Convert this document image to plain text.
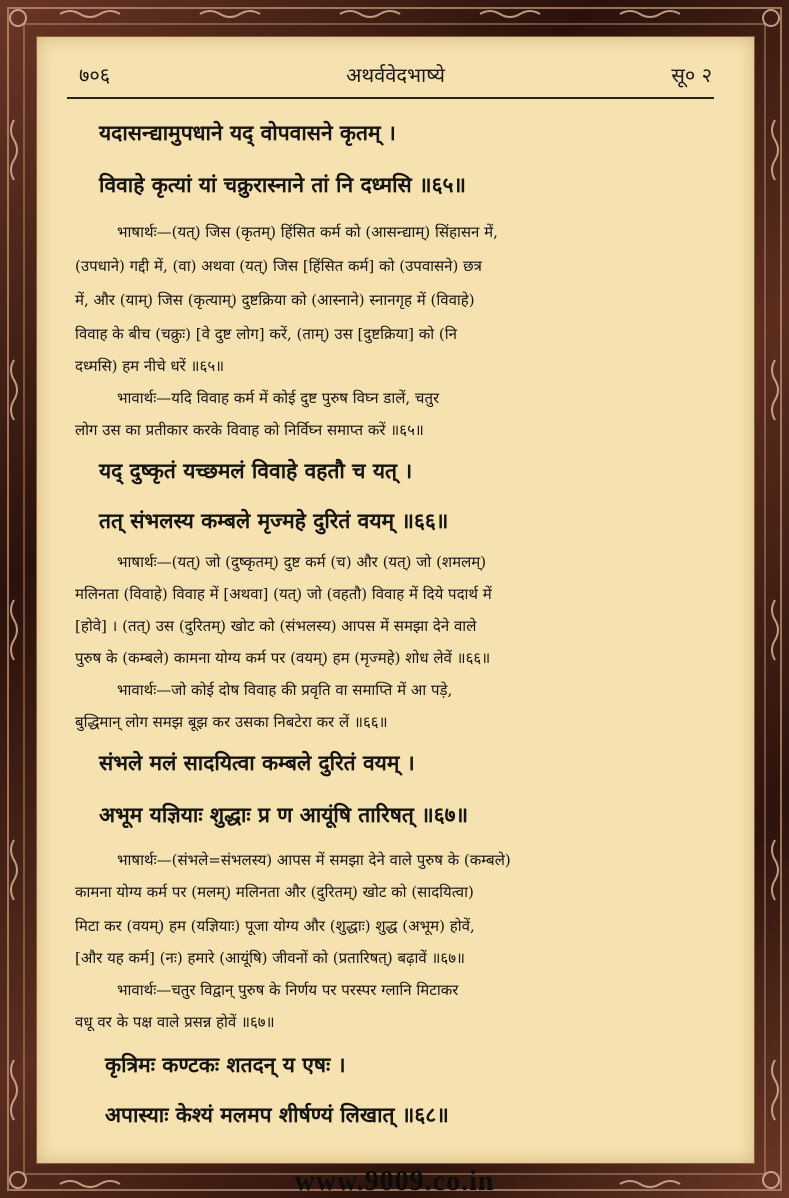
७०६	अथर्ववेदभाष्ये	सू० २
यदासन्द्यामुपधाने यद् वोपवासने कृतम् ।
विवाहे कृत्यां यां चक्रुरास्नाने तां नि दध्मसि ॥६५॥
भाषार्थः—(यत्) जिस (कृतम्) हिंसित कर्म को (आसन्द्याम्) सिंहासन में,
(उपधाने) गद्दी में, (वा) अथवा (यत्) जिस [हिंसित कर्म] को (उपवासने) छत्र
में, और (याम्) जिस (कृत्याम्) दुष्टक्रिया को (आस्नाने) स्नानगृह में (विवाहे)
विवाह के बीच (चक्रुः) [वे दुष्ट लोग] करें, (ताम्) उस [दुष्टक्रिया] को (नि
दध्मसि) हम नीचे धरें ॥६५॥
भावार्थः—यदि विवाह कर्म में कोई दुष्ट पुरुष विघ्न डालें, चतुर
लोग उस का प्रतीकार करके विवाह को निर्विघ्न समाप्त करें ॥६५॥
यद् दुष्कृतं यच्छमलं विवाहे वहतौ च यत् ।
तत् संभलस्य कम्बले मृज्महे दुरितं वयम् ॥६६॥
भाषार्थः—(यत्) जो (दुष्कृतम्) दुष्ट कर्म (च) और (यत्) जो (शमलम्)
मलिनता (विवाहे) विवाह में [अथवा] (यत्) जो (वहतौ) विवाह में दिये पदार्थ में
[होवे] । (तत्) उस (दुरितम्) खोट को (संभलस्य) आपस में समझा देने वाले
पुरुष के (कम्बले) कामना योग्य कर्म पर (वयम्) हम (मृज्महे) शोध लेवें ॥६६॥
भावार्थः—जो कोई दोष विवाह की प्रवृति वा समाप्ति में आ पड़े,
बुद्धिमान् लोग समझ बूझ कर उसका निबटेरा कर लें ॥६६॥
संभले मलं सादयित्वा कम्बले दुरितं वयम् ।
अभूम यज्ञियाः शुद्धाः प्र ण आयूंषि तारिषत् ॥६७॥
भाषार्थः—(संभले=संभलस्य) आपस में समझा देने वाले पुरुष के (कम्बले)
कामना योग्य कर्म पर (मलम्) मलिनता और (दुरितम्) खोट को (सादयित्वा)
मिटा कर (वयम्) हम (यज्ञियाः) पूजा योग्य और (शुद्धाः) शुद्ध (अभूम) होवें,
[और यह कर्म] (नः) हमारे (आयूंषि) जीवनों को (प्रतारिषत्) बढ़ावें ॥६७॥
भावार्थः—चतुर विद्वान् पुरुष के निर्णय पर परस्पर ग्लानि मिटाकर
वधू वर के पक्ष वाले प्रसन्न होवें ॥६७॥
कृत्रिमः कण्टकः शतदन् य एषः ।
अपास्याः केश्यं मलमप शीर्षण्यं लिखात् ॥६८॥
www.9009.co.in
